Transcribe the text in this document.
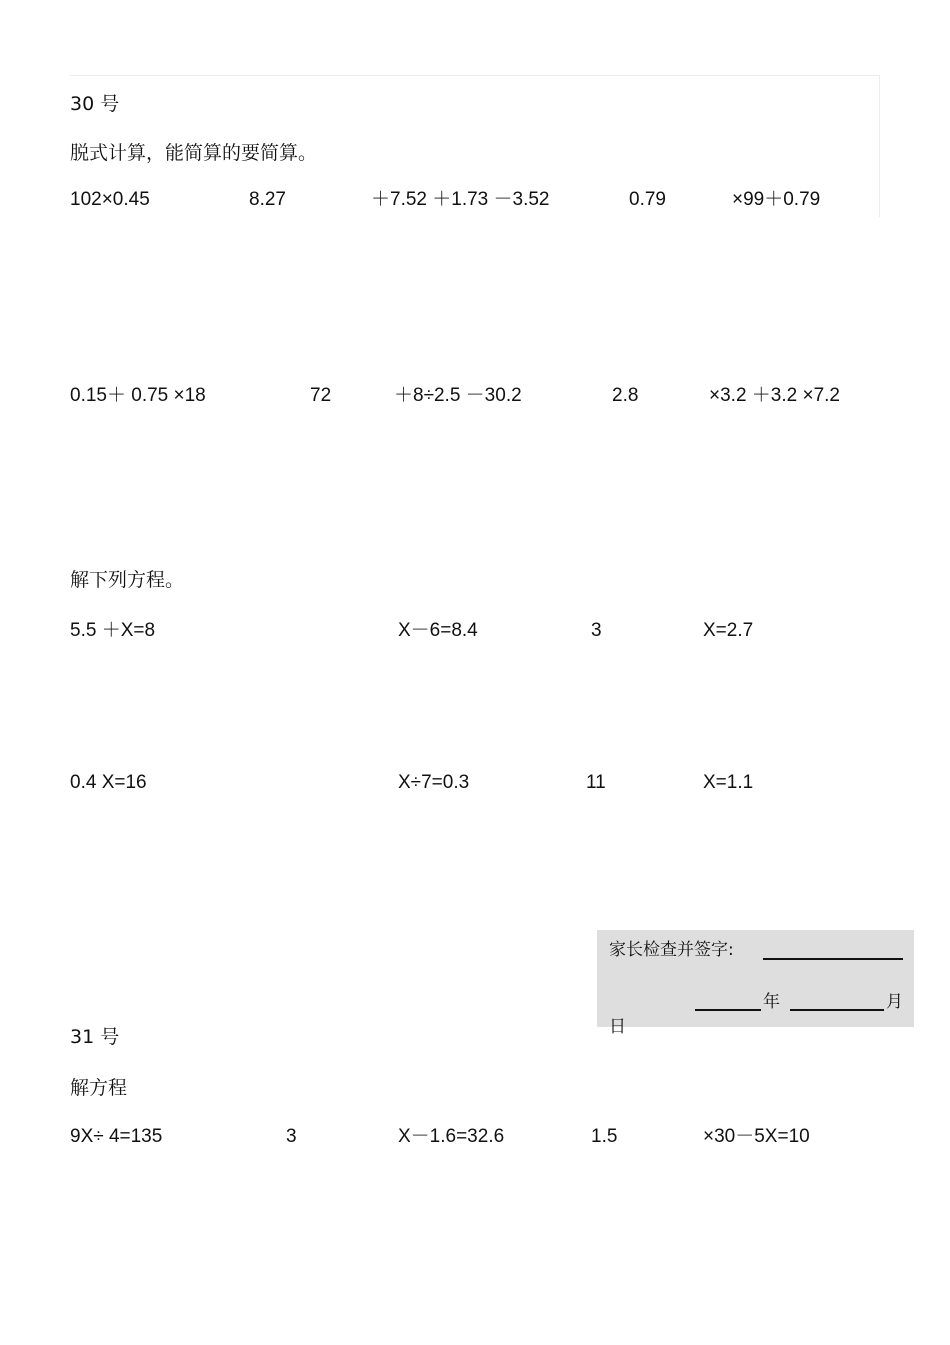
30 号
脱式计算，能简算的要简算。
102×0.45	8.27	＋7.52 ＋1.73 －3.52	0.79	×99＋0.79
0.15＋ 0.75 ×18	72	＋8÷2.5 －30.2	2.8	×3.2 ＋3.2 ×7.2
解下列方程。
5.5 ＋X=8	X－6=8.4	3	X=2.7
0.4 X=16	X÷7=0.3	11	X=1.1
家长检查并签字:
年	月
日
31 号
解方程
9X÷ 4=135	3	X－1.6=32.6	1.5	×30－5X=10
